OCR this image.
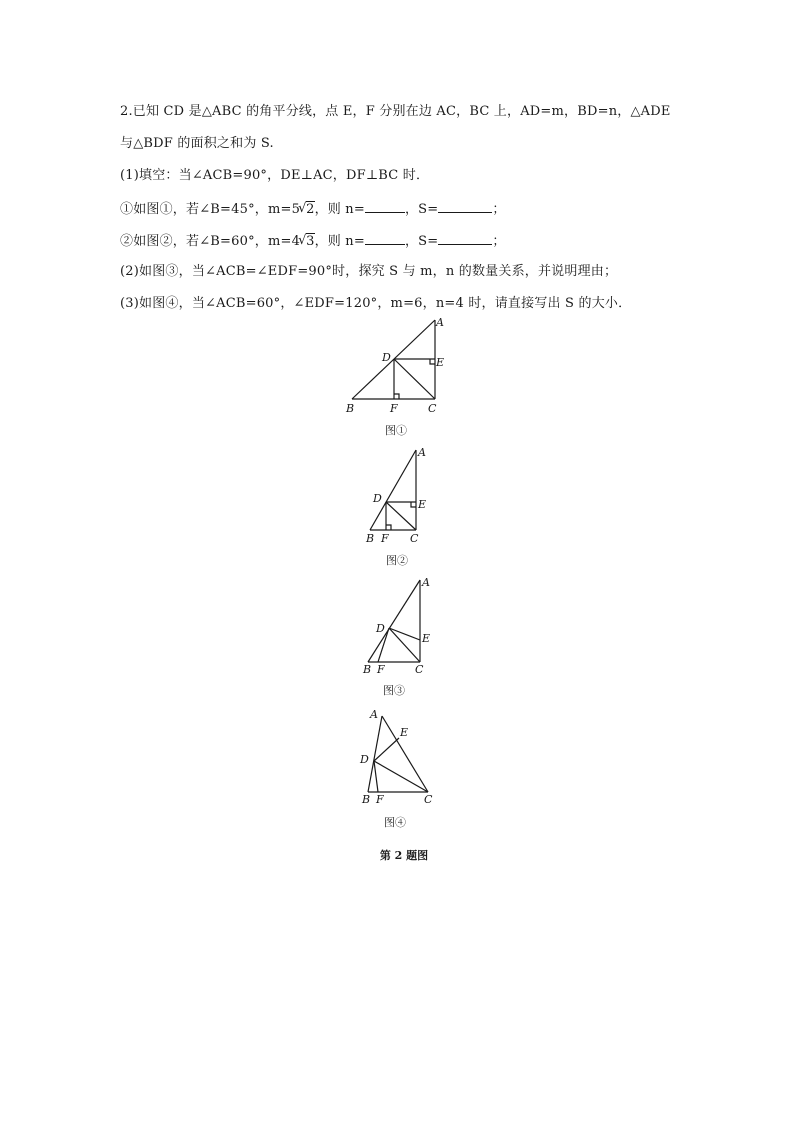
2.已知 CD 是△ABC 的角平分线，点 E，F 分别在边 AC，BC 上，AD=m，BD=n，△ADE
与△BDF 的面积之和为 S.
(1)填空：当∠ACB=90°，DE⊥AC，DF⊥BC 时．
①如图①，若∠B=45°，m=5 √ 2，则 n=	，S=	；
②如图②，若∠B=60°，m=4 √ 3，则 n=	，S=	；
(2)如图③，当∠ACB=∠EDF=90°时，探究 S 与 m，n 的数量关系，并说明理由；
(3)如图④，当∠ACB=60°，∠EDF=120°，m=6，n=4 时，请直接写出 S 的大小．
A
B	C
D	E
F
图①
A
B	C
D	E
F
图②
A
B	C
D
E
F
图③
A
B	C
D
E
F
图④
第 2 题图
